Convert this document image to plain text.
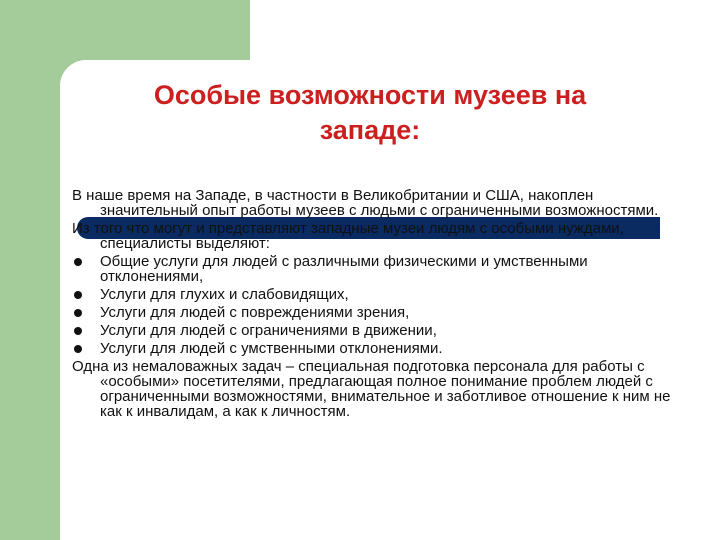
Особые возможности музеев на
западе:

В наше время на Западе, в частности в Великобритании и США, накоплен значительный опыт работы музеев с людьми с ограниченными возможностями.

Из того что могут и представляют западные музеи людям с особыми нуждами, специалисты выделяют:

Общие услуги для людей с различными физическими и умственными отклонениями,
Услуги для глухих и слабовидящих,
Услуги для людей с повреждениями зрения,
Услуги для людей с ограничениями в движении,
Услуги для людей с умственными отклонениями.

Одна из немаловажных задач – специальная подготовка персонала для работы с «особыми» посетителями, предлагающая полное понимание проблем людей с ограниченными возможностями, внимательное и заботливое отношение к ним не как к инвалидам, а как к личностям.
